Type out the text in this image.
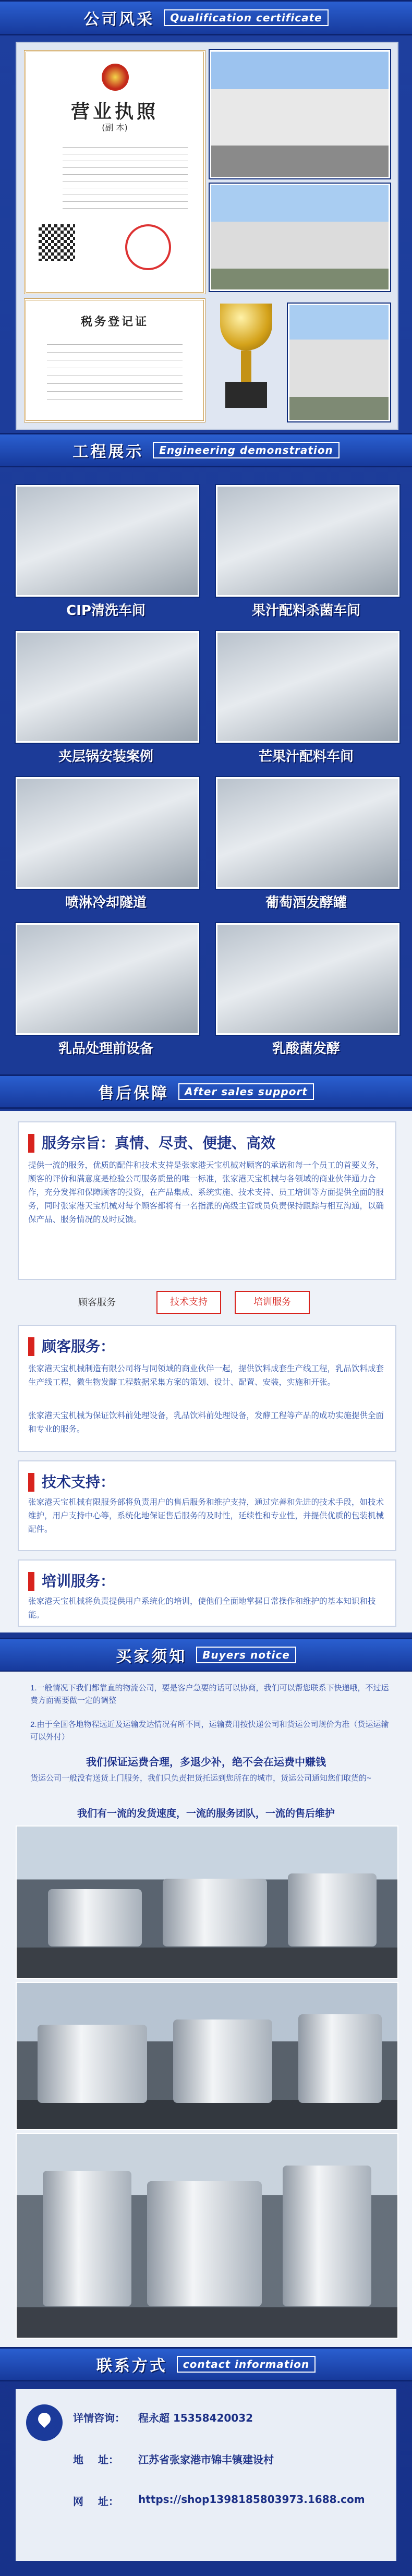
公司风采	Qualification certificate
营业执照
(副 本)
税务登记证
工程展示	Engineering demonstration
CIP清洗车间	果汁配料杀菌车间
夹层锅安装案例	芒果汁配料车间
喷淋冷却隧道	葡萄酒发酵罐
乳品处理前设备	乳酸菌发酵
售后保障	After sales support
服务宗旨：真情、尽责、便捷、高效
提供一流的服务，优质的配件和技术支持是张家港天宝机械对顾客的承诺和每一个员工的首要义务，顾客的评价和满意度是检验公司服务质量的唯一标准，张家港天宝机械与各领域的商业伙伴通力合作，充分发挥和保障顾客的投资，在产品集成、系统实施、技术支持、员工培训等方面提供全面的服务，同时张家港天宝机械对每个顾客都将有一名指派的高级主管或员负责保持跟踪与相互沟通，以确保产品、服务情况的及时反馈。
顾客服务	技术支持	培训服务
顾客服务：
张家港天宝机械制造有限公司将与同领域的商业伙伴一起，提供饮料成套生产线工程，乳品饮料成套生产线工程，微生物发酵工程数据采集方案的策划、设计、配置、安装，实施和开张。
张家港天宝机械为保证饮料前处理设备，乳品饮料前处理设备，发酵工程等产品的成功实施提供全面和专业的服务。
技术支持：
张家港天宝机械有限服务部将负责用户的售后服务和维护支持，通过完善和先进的技术手段，如技术维护，用户支持中心等，系统化地保证售后服务的及时性，延续性和专业性，并提供优质的包装机械配件。
培训服务：
张家港天宝机械将负责提供用户系统化的培训，使他们全面地掌握日常操作和维护的基本知识和技能。
买家须知	Buyers notice
1.一般情况下我们都靠直的物流公司，要是客户急要的话可以协商，我们可以帮您联系下快递哦，不过运费方面需要做一定的调整
2.由于全国各地物程远近及运输发达情况有所不同，运输费用按快递公司和货运公司规价为准（货运运输可以外付）
我们保证运费合理，多退少补，绝不会在运费中赚钱
货运公司一般没有送货上门服务，我们只负责把货托运到您所在的城市，货运公司通知您们取货的~
我们有一流的发货速度，一流的服务团队，一流的售后维护
联系方式	contact information
详情咨询： 程永超 15358420032
地    址： 江苏省张家港市锦丰镇建设村
网    址： https://shop1398185803973.1688.com
